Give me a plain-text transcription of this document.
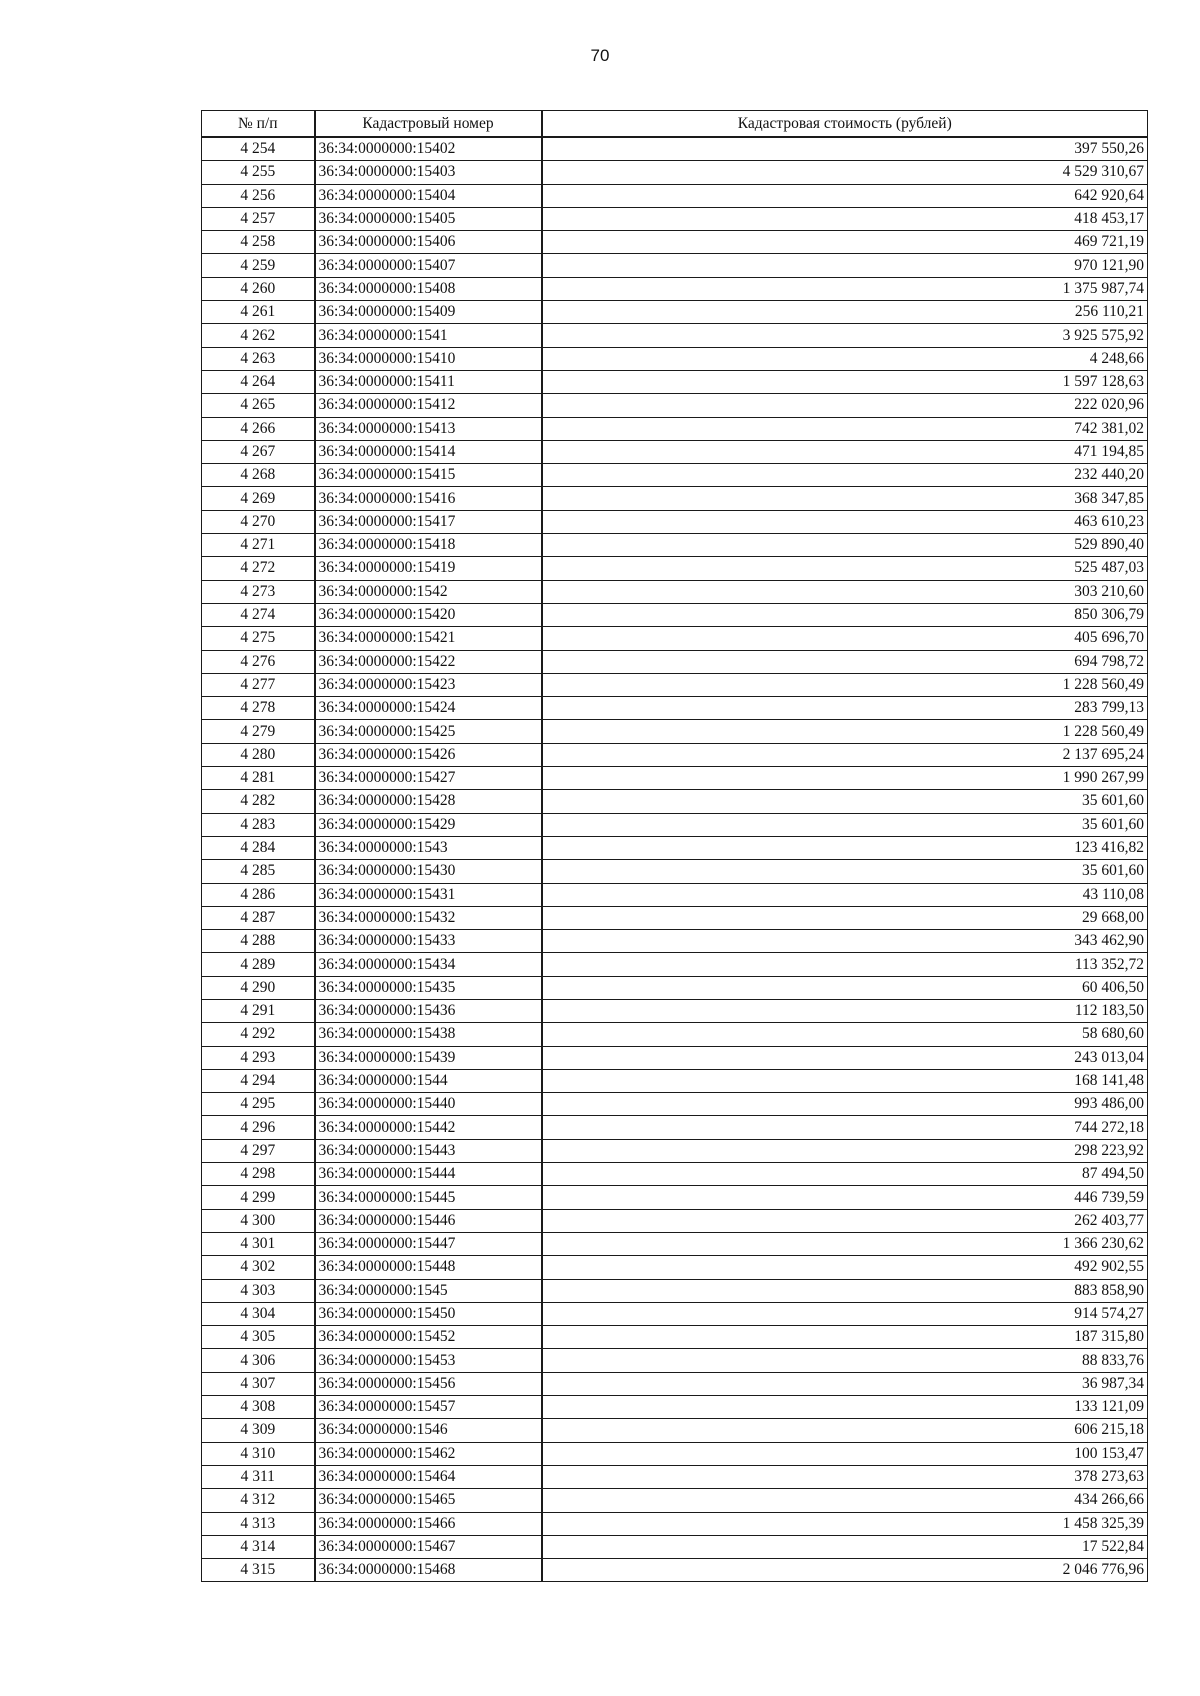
70
№ п/п	Кадастровый номер	Кадастровая стоимость (рублей)
4 254	36:34:0000000:15402	397 550,26
4 255	36:34:0000000:15403	4 529 310,67
4 256	36:34:0000000:15404	642 920,64
4 257	36:34:0000000:15405	418 453,17
4 258	36:34:0000000:15406	469 721,19
4 259	36:34:0000000:15407	970 121,90
4 260	36:34:0000000:15408	1 375 987,74
4 261	36:34:0000000:15409	256 110,21
4 262	36:34:0000000:1541	3 925 575,92
4 263	36:34:0000000:15410	4 248,66
4 264	36:34:0000000:15411	1 597 128,63
4 265	36:34:0000000:15412	222 020,96
4 266	36:34:0000000:15413	742 381,02
4 267	36:34:0000000:15414	471 194,85
4 268	36:34:0000000:15415	232 440,20
4 269	36:34:0000000:15416	368 347,85
4 270	36:34:0000000:15417	463 610,23
4 271	36:34:0000000:15418	529 890,40
4 272	36:34:0000000:15419	525 487,03
4 273	36:34:0000000:1542	303 210,60
4 274	36:34:0000000:15420	850 306,79
4 275	36:34:0000000:15421	405 696,70
4 276	36:34:0000000:15422	694 798,72
4 277	36:34:0000000:15423	1 228 560,49
4 278	36:34:0000000:15424	283 799,13
4 279	36:34:0000000:15425	1 228 560,49
4 280	36:34:0000000:15426	2 137 695,24
4 281	36:34:0000000:15427	1 990 267,99
4 282	36:34:0000000:15428	35 601,60
4 283	36:34:0000000:15429	35 601,60
4 284	36:34:0000000:1543	123 416,82
4 285	36:34:0000000:15430	35 601,60
4 286	36:34:0000000:15431	43 110,08
4 287	36:34:0000000:15432	29 668,00
4 288	36:34:0000000:15433	343 462,90
4 289	36:34:0000000:15434	113 352,72
4 290	36:34:0000000:15435	60 406,50
4 291	36:34:0000000:15436	112 183,50
4 292	36:34:0000000:15438	58 680,60
4 293	36:34:0000000:15439	243 013,04
4 294	36:34:0000000:1544	168 141,48
4 295	36:34:0000000:15440	993 486,00
4 296	36:34:0000000:15442	744 272,18
4 297	36:34:0000000:15443	298 223,92
4 298	36:34:0000000:15444	87 494,50
4 299	36:34:0000000:15445	446 739,59
4 300	36:34:0000000:15446	262 403,77
4 301	36:34:0000000:15447	1 366 230,62
4 302	36:34:0000000:15448	492 902,55
4 303	36:34:0000000:1545	883 858,90
4 304	36:34:0000000:15450	914 574,27
4 305	36:34:0000000:15452	187 315,80
4 306	36:34:0000000:15453	88 833,76
4 307	36:34:0000000:15456	36 987,34
4 308	36:34:0000000:15457	133 121,09
4 309	36:34:0000000:1546	606 215,18
4 310	36:34:0000000:15462	100 153,47
4 311	36:34:0000000:15464	378 273,63
4 312	36:34:0000000:15465	434 266,66
4 313	36:34:0000000:15466	1 458 325,39
4 314	36:34:0000000:15467	17 522,84
4 315	36:34:0000000:15468	2 046 776,96
